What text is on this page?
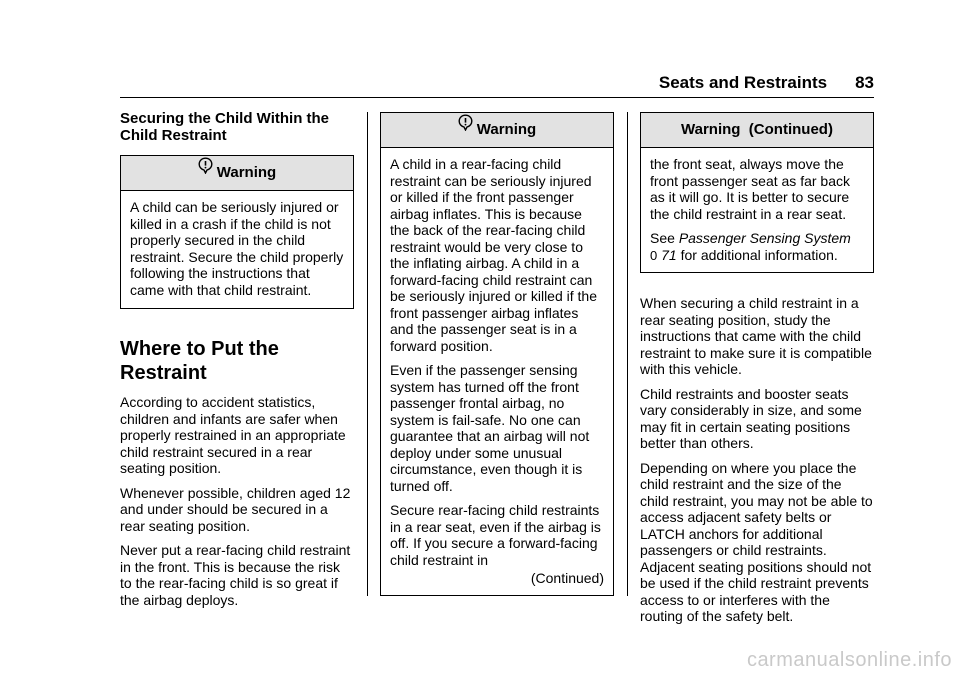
Seats and Restraints 83
Securing the Child Within the
Child Restraint
Warning

A child can be seriously injured or killed in a crash if the child is not properly secured in the child restraint. Secure the child properly following the instructions that came with that child restraint.

Where to Put the
Restraint

According to accident statistics, children and infants are safer when properly restrained in an appropriate child restraint secured in a rear seating position.

Whenever possible, children aged 12 and under should be secured in a rear seating position.

Never put a rear-facing child restraint in the front. This is because the risk to the rear-facing child is so great if the airbag deploys.

Warning

A child in a rear-facing child restraint can be seriously injured or killed if the front passenger airbag inflates. This is because the back of the rear-facing child restraint would be very close to the inflating airbag. A child in a forward-facing child restraint can be seriously injured or killed if the front passenger airbag inflates and the passenger seat is in a forward position.

Even if the passenger sensing system has turned off the front passenger frontal airbag, no system is fail-safe. No one can guarantee that an airbag will not deploy under some unusual circumstance, even though it is turned off.

Secure rear-facing child restraints in a rear seat, even if the airbag is off. If you secure a forward-facing child restraint in

(Continued)
Warning  (Continued)

the front seat, always move the front passenger seat as far back as it will go. It is better to secure the child restraint in a rear seat.

See Passenger Sensing System
0 71 for additional information.

When securing a child restraint in a rear seating position, study the instructions that came with the child restraint to make sure it is compatible with this vehicle.

Child restraints and booster seats vary considerably in size, and some may fit in certain seating positions better than others.

Depending on where you place the child restraint and the size of the child restraint, you may not be able to access adjacent safety belts or LATCH anchors for additional passengers or child restraints. Adjacent seating positions should not be used if the child restraint prevents access to or interferes with the routing of the safety belt.

carmanualsonline.info
